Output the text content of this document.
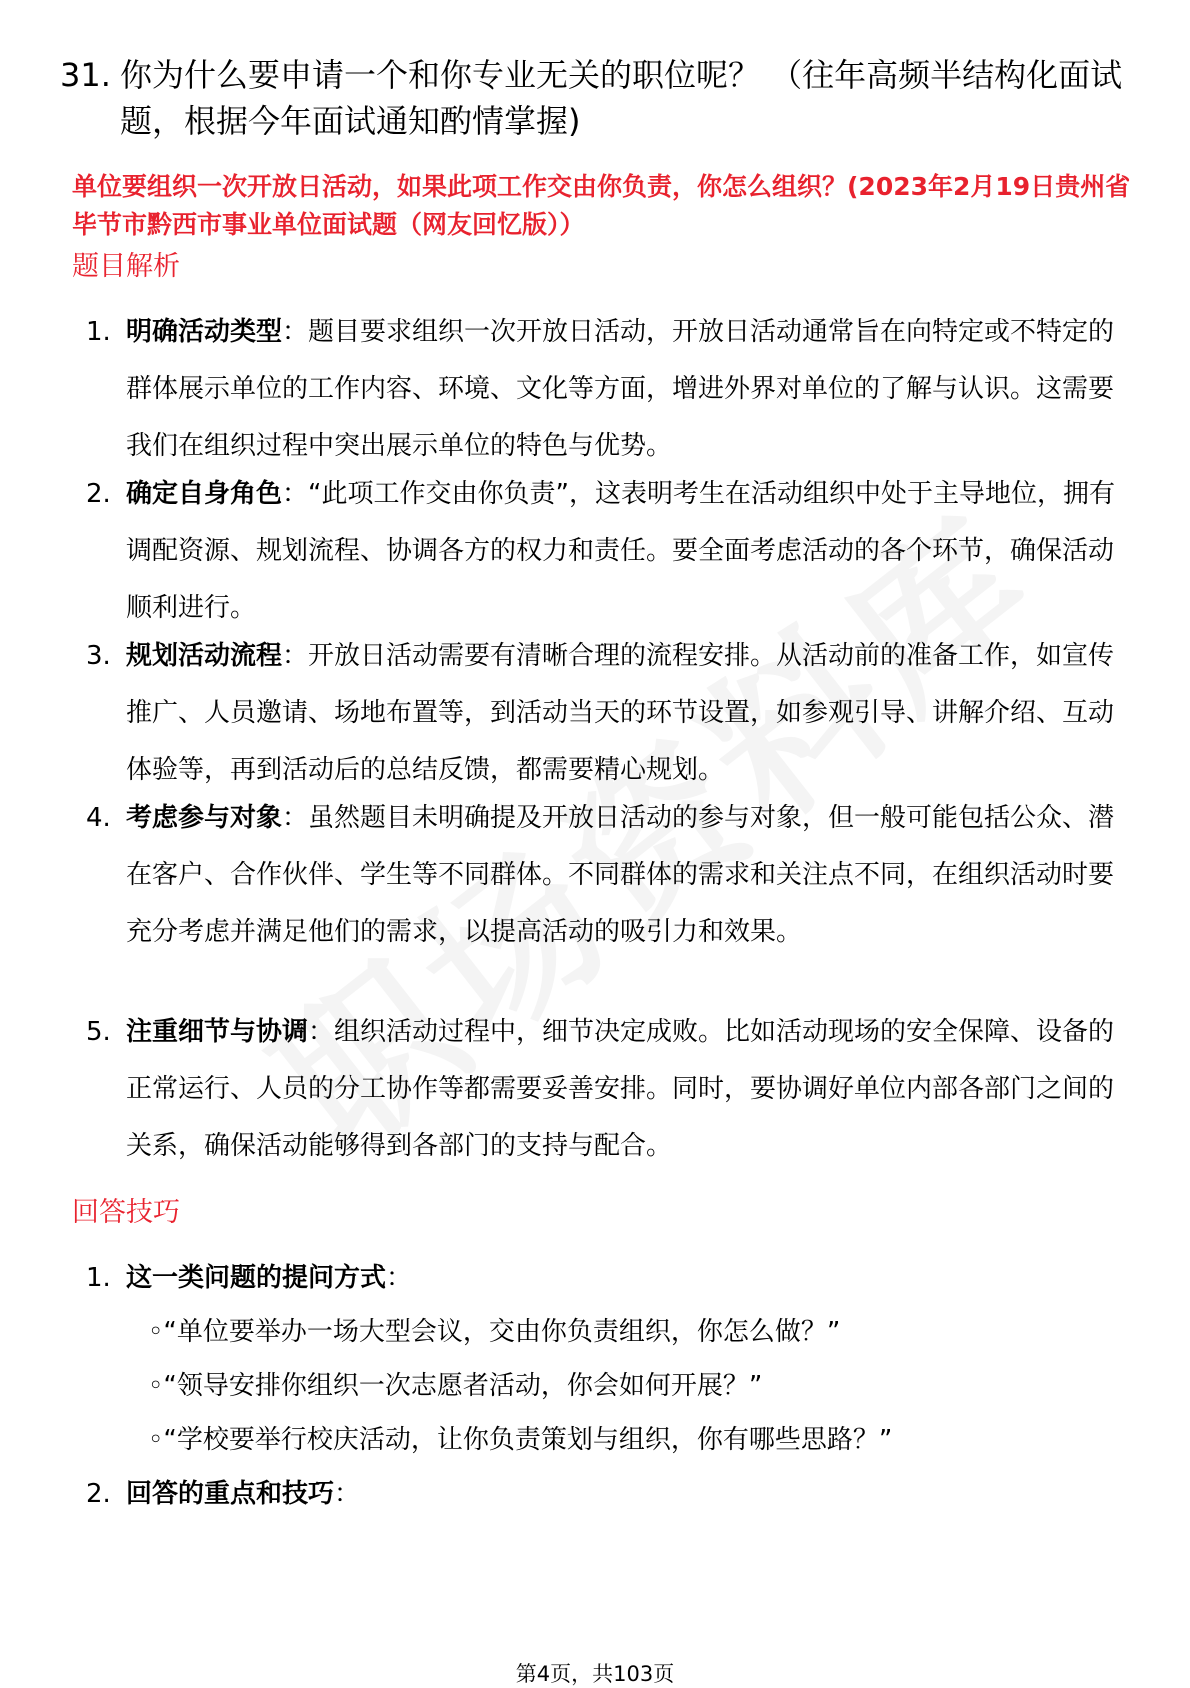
31. 你为什么要申请一个和你专业无关的职位呢？ （往年高频半结构化面试题，根据今年面试通知酌情掌握)
单位要组织一次开放日活动，如果此项工作交由你负责，你怎么组织？(2023年2月19日贵州省毕节市黔西市事业单位面试题（网友回忆版））
题目解析
1. 明确活动类型：题目要求组织一次开放日活动，开放日活动通常旨在向特定或不特定的群体展示单位的工作内容、环境、文化等方面，增进外界对单位的了解与认识。这需要我们在组织过程中突出展示单位的特色与优势。
2. 确定自身角色：“此项工作交由你负责”，这表明考生在活动组织中处于主导地位，拥有调配资源、规划流程、协调各方的权力和责任。要全面考虑活动的各个环节，确保活动顺利进行。
3. 规划活动流程：开放日活动需要有清晰合理的流程安排。从活动前的准备工作，如宣传推广、人员邀请、场地布置等，到活动当天的环节设置，如参观引导、讲解介绍、互动体验等，再到活动后的总结反馈，都需要精心规划。
4. 考虑参与对象：虽然题目未明确提及开放日活动的参与对象，但一般可能包括公众、潜在客户、合作伙伴、学生等不同群体。不同群体的需求和关注点不同，在组织活动时要充分考虑并满足他们的需求，以提高活动的吸引力和效果。
5. 注重细节与协调：组织活动过程中，细节决定成败。比如活动现场的安全保障、设备的正常运行、人员的分工协作等都需要妥善安排。同时，要协调好单位内部各部门之间的关系，确保活动能够得到各部门的支持与配合。
回答技巧
1. 这一类问题的提问方式：
◦“单位要举办一场大型会议，交由你负责组织，你怎么做？”
◦“领导安排你组织一次志愿者活动，你会如何开展？”
◦“学校要举行校庆活动，让你负责策划与组织，你有哪些思路？”
2. 回答的重点和技巧：
第4页，共103页
